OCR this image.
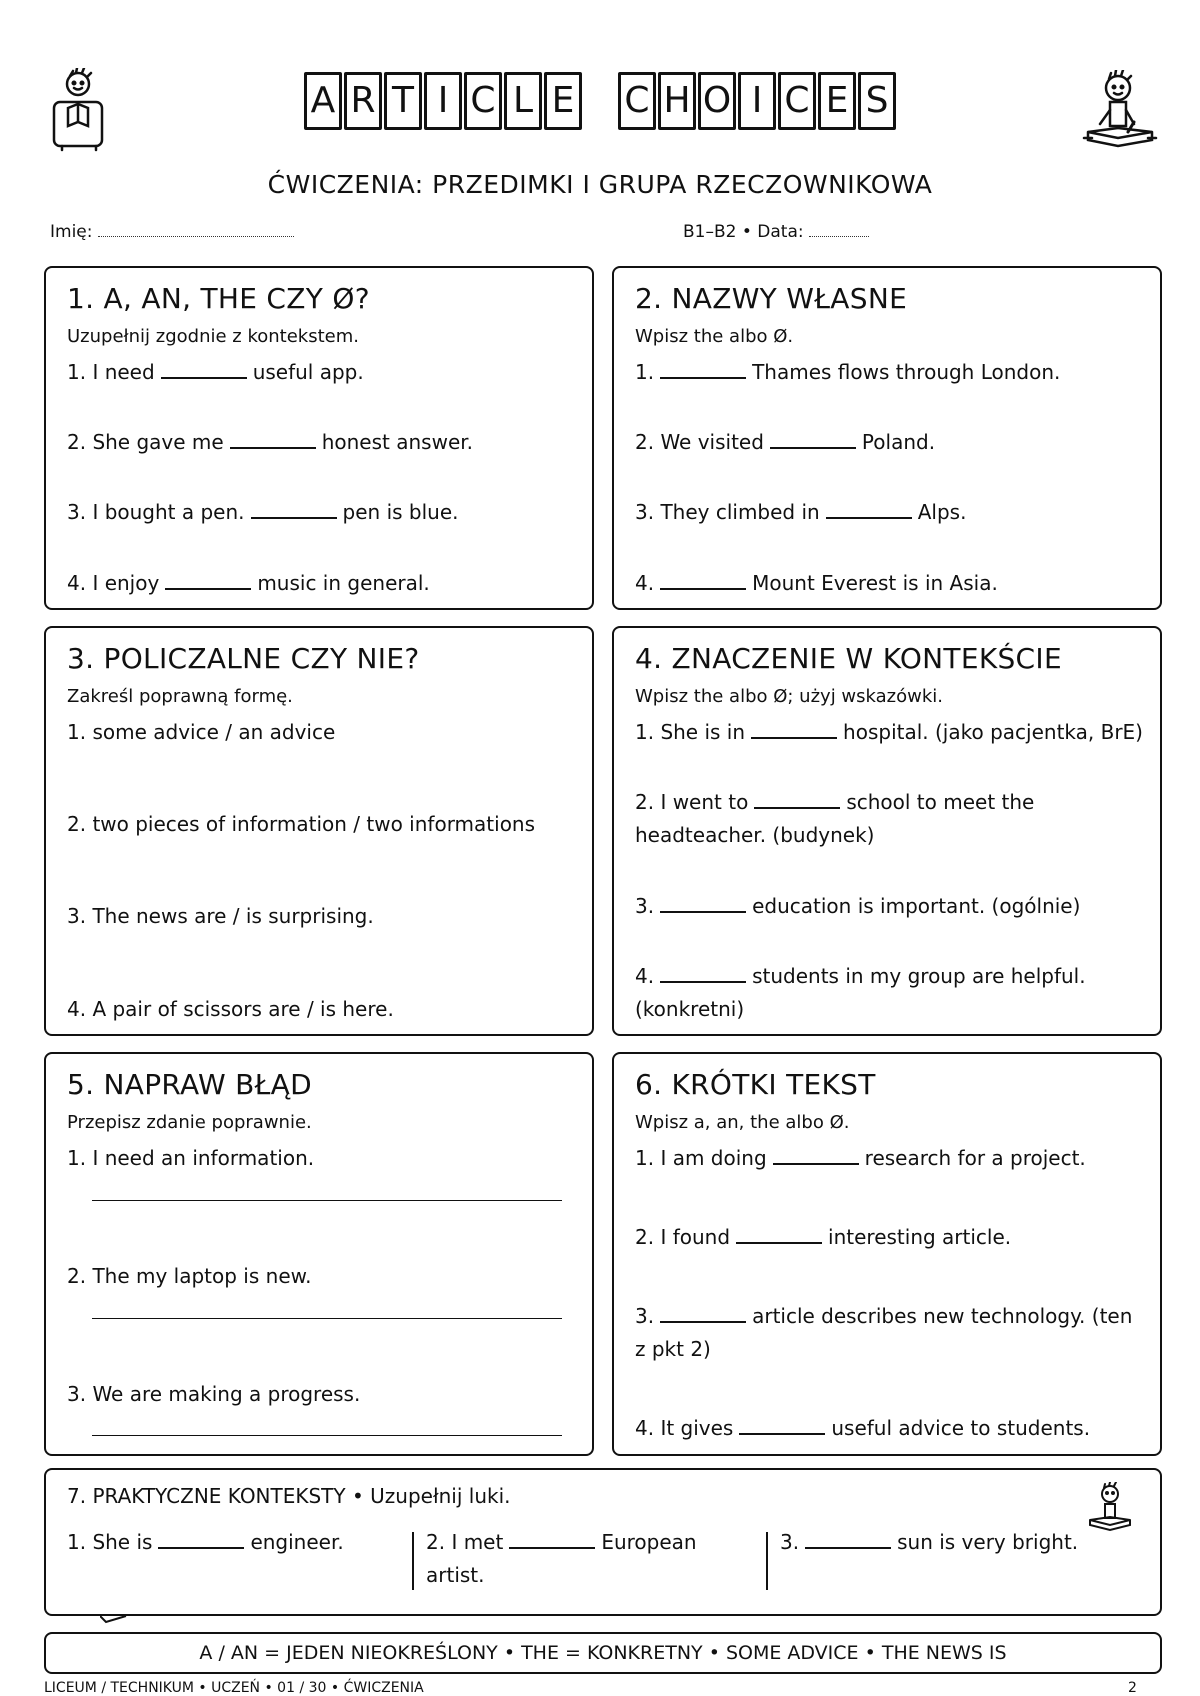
A R T I C L E C H O I C E S
ĆWICZENIA: PRZEDIMKI I GRUPA RZECZOWNIKOWA
Imię:	B1–B2 • Data:
1. A, AN, THE CZY Ø?
Uzupełnij zgodnie z kontekstem.
1. I need	useful app.
2. She gave me	honest answer.
3. I bought a pen.	pen is blue.
4. I enjoy	music in general.
2. NAZWY WŁASNE
Wpisz the albo Ø.
1.	Thames flows through London.
2. We visited	Poland.
3. They climbed in	Alps.
4.	Mount Everest is in Asia.
3. POLICZALNE CZY NIE?
Zakreśl poprawną formę.
1. some advice / an advice
2. two pieces of information / two informations
3. The news are / is surprising.
4. A pair of scissors are / is here.
4. ZNACZENIE W KONTEKŚCIE
Wpisz the albo Ø; użyj wskazówki.
1. She is in	hospital. (jako pacjentka, BrE)
2. I went to	school to meet the
headteacher. (budynek)
3.	education is important. (ogólnie)
4.	students in my group are helpful.
(konkretni)
5. NAPRAW BŁĄD
Przepisz zdanie poprawnie.
1. I need an information.
2. The my laptop is new.
3. We are making a progress.
6. KRÓTKI TEKST
Wpisz a, an, the albo Ø.
1. I am doing	research for a project.
2. I found	interesting article.
3.	article describes new technology. (ten
z pkt 2)
4. It gives	useful advice to students.
7. PRAKTYCZNE KONTEKSTY • Uzupełnij luki.
1. She is	engineer.	2. I met	European
artist.
3.	sun is very bright.
A / AN = JEDEN NIEOKREŚLONY • THE = KONKRETNY • SOME ADVICE • THE NEWS IS
LICEUM / TECHNIKUM • UCZEŃ • 01 / 30 • ĆWICZENIA	2
